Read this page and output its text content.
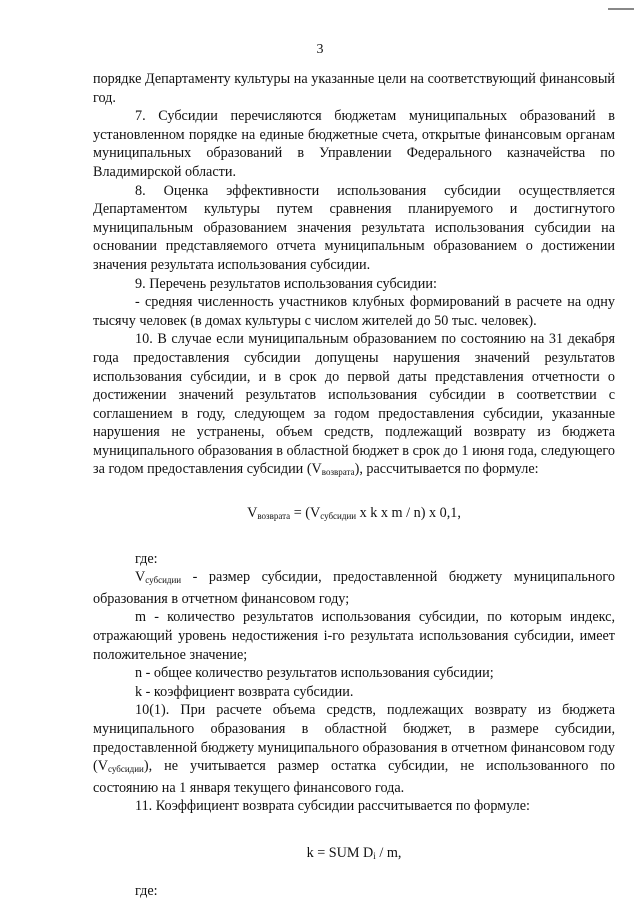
3

порядке Департаменту культуры на указанные цели на соответствующий финансовый год.

7. Субсидии перечисляются бюджетам муниципальных образований в установленном порядке на единые бюджетные счета, открытые финансовым органам муниципальных образований в Управлении Федерального казначейства по Владимирской области.

8. Оценка эффективности использования субсидии осуществляется Департаментом культуры путем сравнения планируемого и достигнутого муниципальным образованием значения результата использования субсидии на основании представляемого отчета муниципальным образованием о достижении значения результата использования субсидии.

9. Перечень результатов использования субсидии:

- средняя численность участников клубных формирований в расчете на одну тысячу человек (в домах культуры с числом жителей до 50 тыс. человек).

10. В случае если муниципальным образованием по состоянию на 31 декабря года предоставления субсидии допущены нарушения значений результатов использования субсидии, и в срок до первой даты представления отчетности о достижении значений результатов использования субсидии в соответствии с соглашением в году, следующем за годом предоставления субсидии, указанные нарушения не устранены, объем средств, подлежащий возврату из бюджета муниципального образования в областной бюджет в срок до 1 июня года, следующего за годом предоставления субсидии $(V_{возврата})$, рассчитывается по формуле:

$V_{возврата} = (V_{субсидии}$ x k x m / n) x 0,1,

где:

$V_{субсидии}$ - размер субсидии, предоставленной бюджету муниципального образования в отчетном финансовом году;

m - количество результатов использования субсидии, по которым индекс, отражающий уровень недостижения i-го результата использования субсидии, имеет положительное значение;

n - общее количество результатов использования субсидии;

k - коэффициент возврата субсидии.

10(1). При расчете объема средств, подлежащих возврату из бюджета муниципального образования в областной бюджет, в размере субсидии, предоставленной бюджету муниципального образования в отчетном финансовом году $(V_{субсидии})$, не учитывается размер остатка субсидии, не использованного по состоянию на 1 января текущего финансового года.

11. Коэффициент возврата субсидии рассчитывается по формуле:

k = SUM $D_i$ / m,

где:
